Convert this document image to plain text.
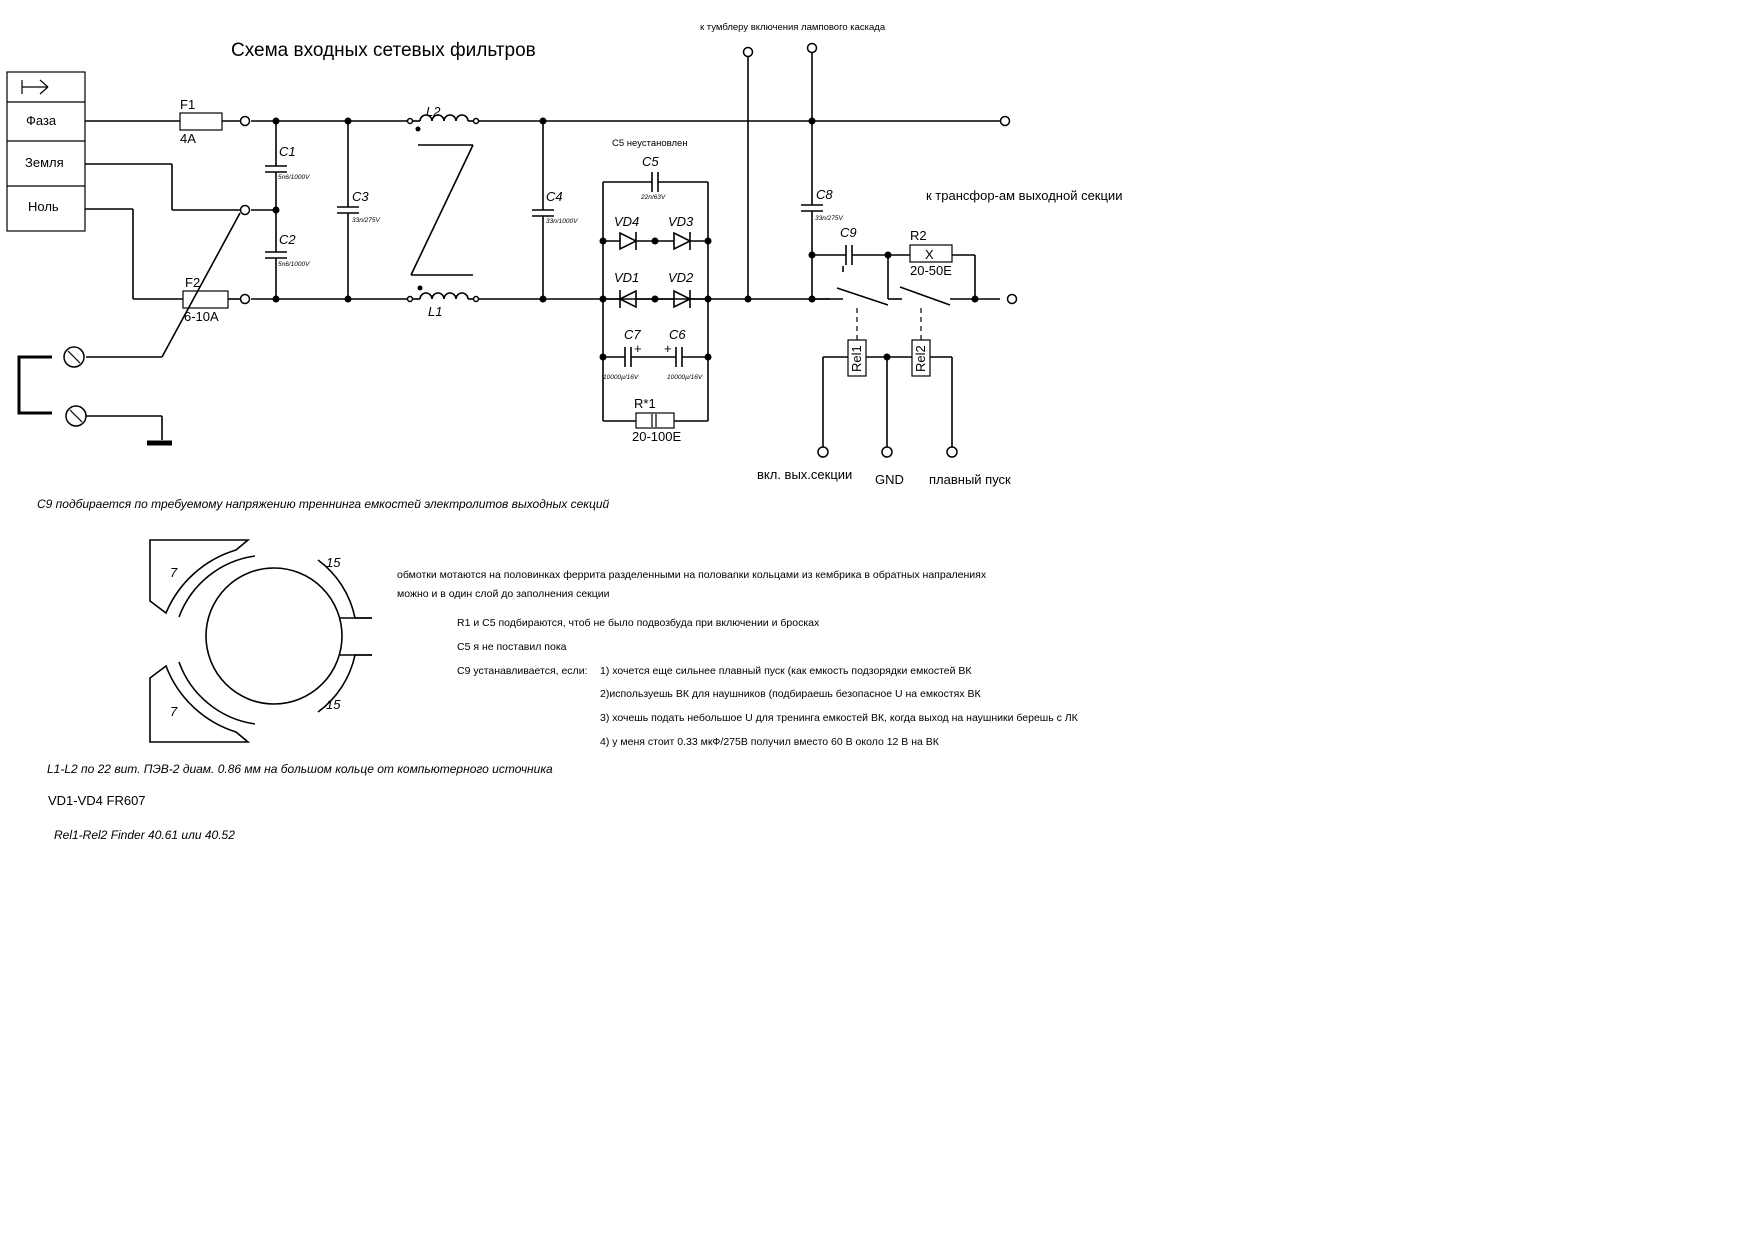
Схема входных сетевых фильтров
Фаза
Земля
Ноль
F1
4A
F2
6-10A
C1
5n6/1000V
C2
5n6/1000V
C3
33n/275V
L2
L1
C4
33n/1000V
C5 неустановлен
C5
22n/63V
VD4 VD3
VD1 VD2
+ +
C7 C6
10000µ/16V	10000µ/16V
R*1
20-100E
к тумблеру включения лампового каскада
C8
33n/275V
к трансфор-ам выходной секции
C9
X
R2
20-50E
Rel1	Rel2
вкл. вых.секции GND плавный пуск
C9 подбирается по требуемому напряжению треннинга емкостей электролитов выходных секций
7
15
7	15
обмотки мотаются на половинках феррита разделенными на половanки кольцами из кембрика в обратных напралениях
можно и в один слой до заполнения секции
R1 и C5 подбираются, чтоб не было подвозбуда при включении и бросках
C5 я не поставил пока
C9 устанавливается, если: 1) хочется еще сильнее плавный пуск (как емкость подзорядки емкостей ВК
2)используешь ВК для наушников (подбираешь безопасное U на емкостях ВК
3) хочешь подать небольшое U для тренинга емкостей ВК, когда выход на наушники берешь с ЛК
4) у меня стоит 0.33 мкФ/275В получил вместо 60 В около 12 В на ВК
L1-L2 по 22 вит. ПЭВ-2 диам. 0.86 мм на большом кольце от компьютерного источника
VD1-VD4 FR607
Rel1-Rel2 Finder 40.61 или 40.52
